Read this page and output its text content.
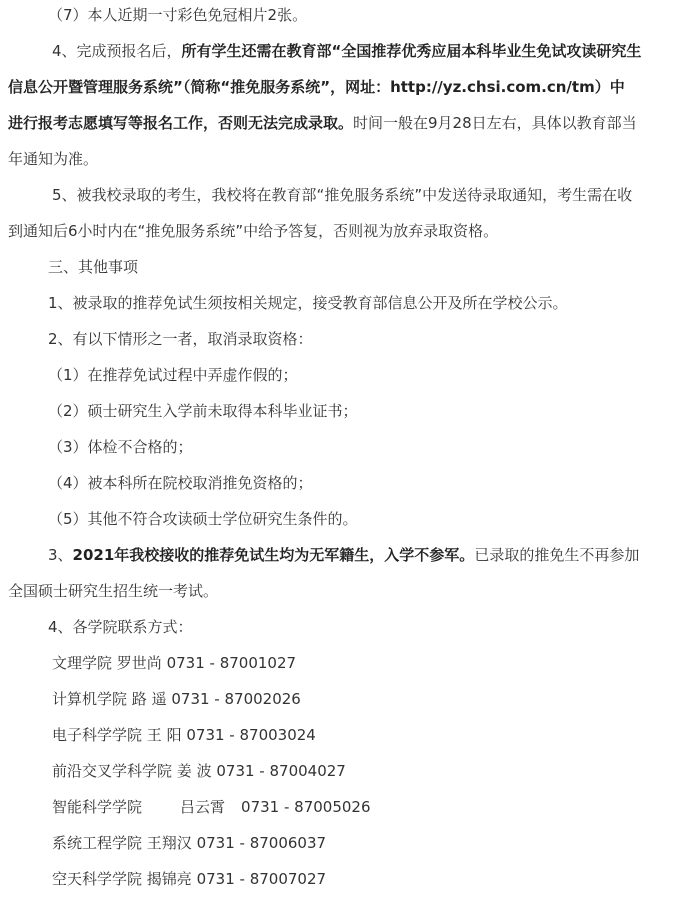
（7）本人近期一寸彩色免冠相片2张。
4、完成预报名后，所有学生还需在教育部“全国推荐优秀应届本科毕业生免试攻读研究生
信息公开暨管理服务系统”（简称“推免服务系统”，网址：http://yz.chsi.com.cn/tm）中
进行报考志愿填写等报名工作，否则无法完成录取。时间一般在9月28日左右，具体以教育部当
年通知为准。
5、被我校录取的考生，我校将在教育部“推免服务系统”中发送待录取通知，考生需在收
到通知后6小时内在“推免服务系统”中给予答复，否则视为放弃录取资格。
三、其他事项
1、被录取的推荐免试生须按相关规定，接受教育部信息公开及所在学校公示。
2、有以下情形之一者，取消录取资格：
（1）在推荐免试过程中弄虚作假的；
（2）硕士研究生入学前未取得本科毕业证书；
（3）体检不合格的；
（4）被本科所在院校取消推免资格的；
（5）其他不符合攻读硕士学位研究生条件的。
3、2021年我校接收的推荐免试生均为无军籍生，入学不参军。已录取的推免生不再参加
全国硕士研究生招生统一考试。
4、各学院联系方式：
文理学院 罗世尚 0731 - 87001027
计算机学院 路 遥 0731 - 87002026
电子科学学院 王 阳 0731 - 87003024
前沿交叉学科学院 姜 波 0731 - 87004027
智能科学学院	吕云霄 0731 - 87005026
系统工程学院 王翔汉 0731 - 87006037
空天科学学院 揭锦亮 0731 - 87007027
